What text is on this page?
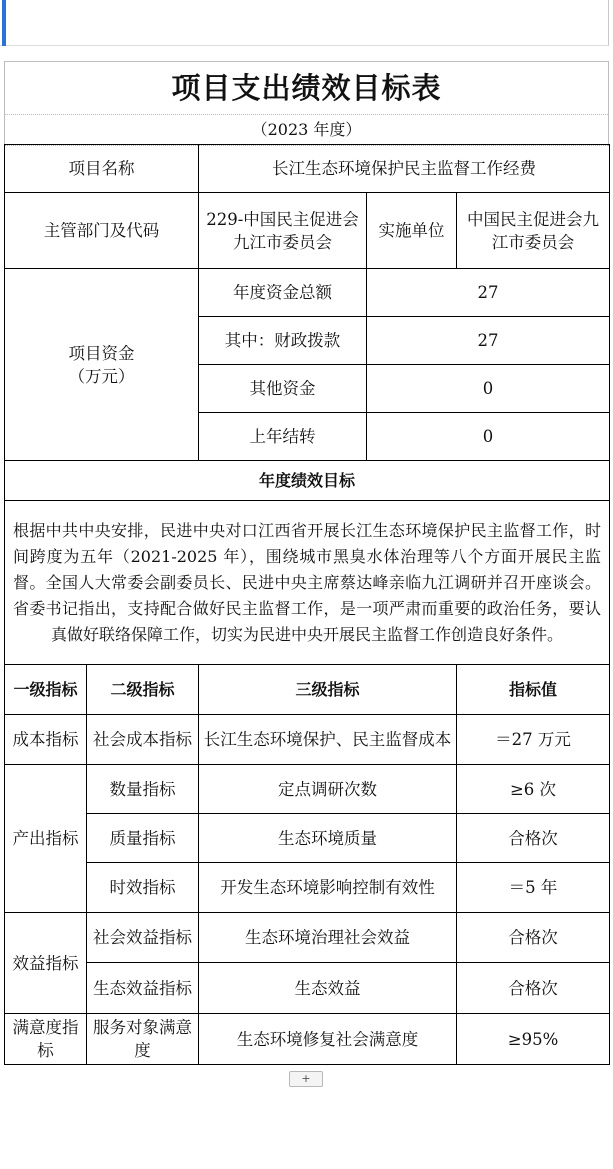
项目支出绩效目标表
（2023 年度）
项目名称		长江生态环境保护民主监督工作经费		
主管部门及代码		229-中国民主促进会九江市委员会	实施单位	中国民主促进会九江市委员会
项目资金
（万元）		年度资金总额	27	
		其中：财政拨款	27	
		其他资金	0	
		上年结转	0	
年度绩效目标				
根据中共中央安排，民进中央对口江西省开展长江生态环境保护民主监督工作，时间跨度为五年（2021-2025 年），围绕城市黑臭水体治理等八个方面开展民主监督。全国人大常委会副委员长、民进中央主席蔡达峰亲临九江调研并召开座谈会。省委书记指出，支持配合做好民主监督工作，是一项严肃而重要的政治任务，要认真做好联络保障工作，切实为民进中央开展民主监督工作创造良好条件。				
一级指标	二级指标	三级指标		指标值
成本指标	社会成本指标	长江生态环境保护、民主监督成本		＝27 万元
产出指标	数量指标	定点调研次数		≥6 次
	质量指标	生态环境质量		合格次
	时效指标	开发生态环境影响控制有效性		＝5 年
效益指标	社会效益指标	生态环境治理社会效益		合格次
	生态效益指标	生态效益		合格次
满意度指标	服务对象满意度	生态环境修复社会满意度		≥95%
+
